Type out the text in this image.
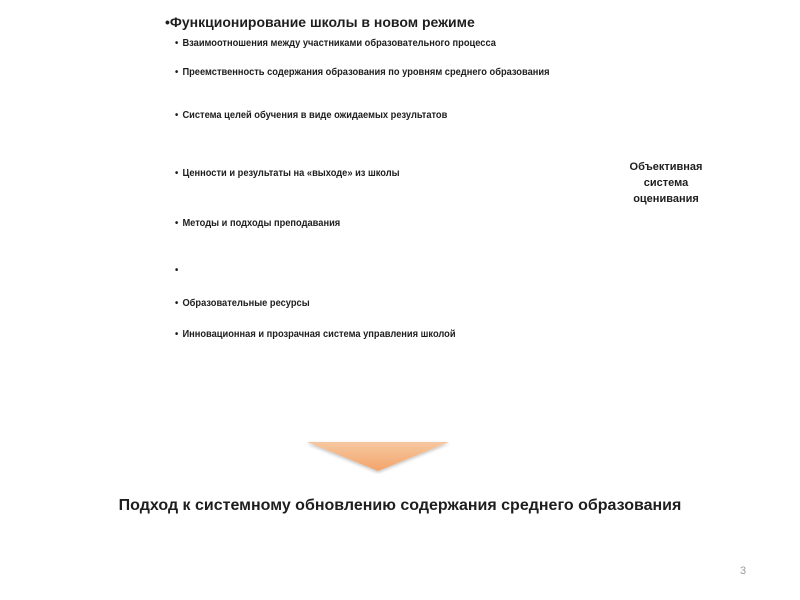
•Функционирование школы в новом режиме
• Взаимоотношения между участниками образовательного процесса
• Преемственность содержания образования по уровням среднего образования
• Система целей обучения в виде ожидаемых результатов
• Ценности и результаты на «выходе» из школы
• Методы и подходы преподавания
•
• Образовательные ресурсы
• Инновационная и прозрачная система управления школой
Объективная
система
оценивания
Подход к системному обновлению содержания среднего образования
3
